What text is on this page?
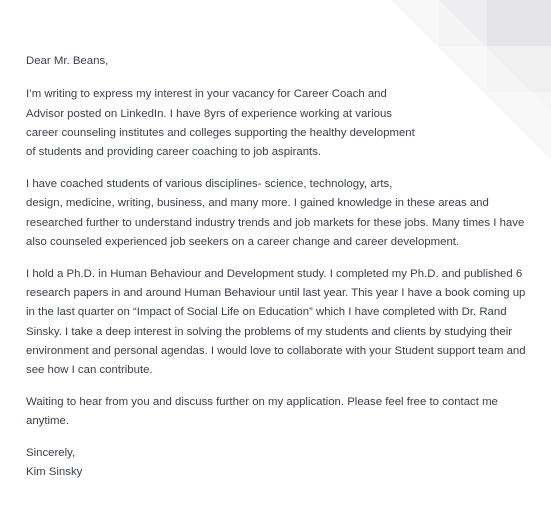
Dear Mr. Beans,

I’m writing to express my interest in your vacancy for Career Coach and
Advisor posted on LinkedIn. I have 8yrs of experience working at various
career counseling institutes and colleges supporting the healthy development
of students and providing career coaching to job aspirants.

I have coached students of various disciplines- science, technology, arts,
design, medicine, writing, business, and many more. I gained knowledge in these areas and
researched further to understand industry trends and job markets for these jobs. Many times I have
also counseled experienced job seekers on a career change and career development.

I hold a Ph.D. in Human Behaviour and Development study. I completed my Ph.D. and published 6
research papers in and around Human Behaviour until last year. This year I have a book coming up
in the last quarter on “Impact of Social Life on Education” which I have completed with Dr. Rand
Sinsky. I take a deep interest in solving the problems of my students and clients by studying their
environment and personal agendas. I would love to collaborate with your Student support team and
see how I can contribute.

Waiting to hear from you and discuss further on my application. Please feel free to contact me
anytime.

Sincerely,

Kim Sinsky
